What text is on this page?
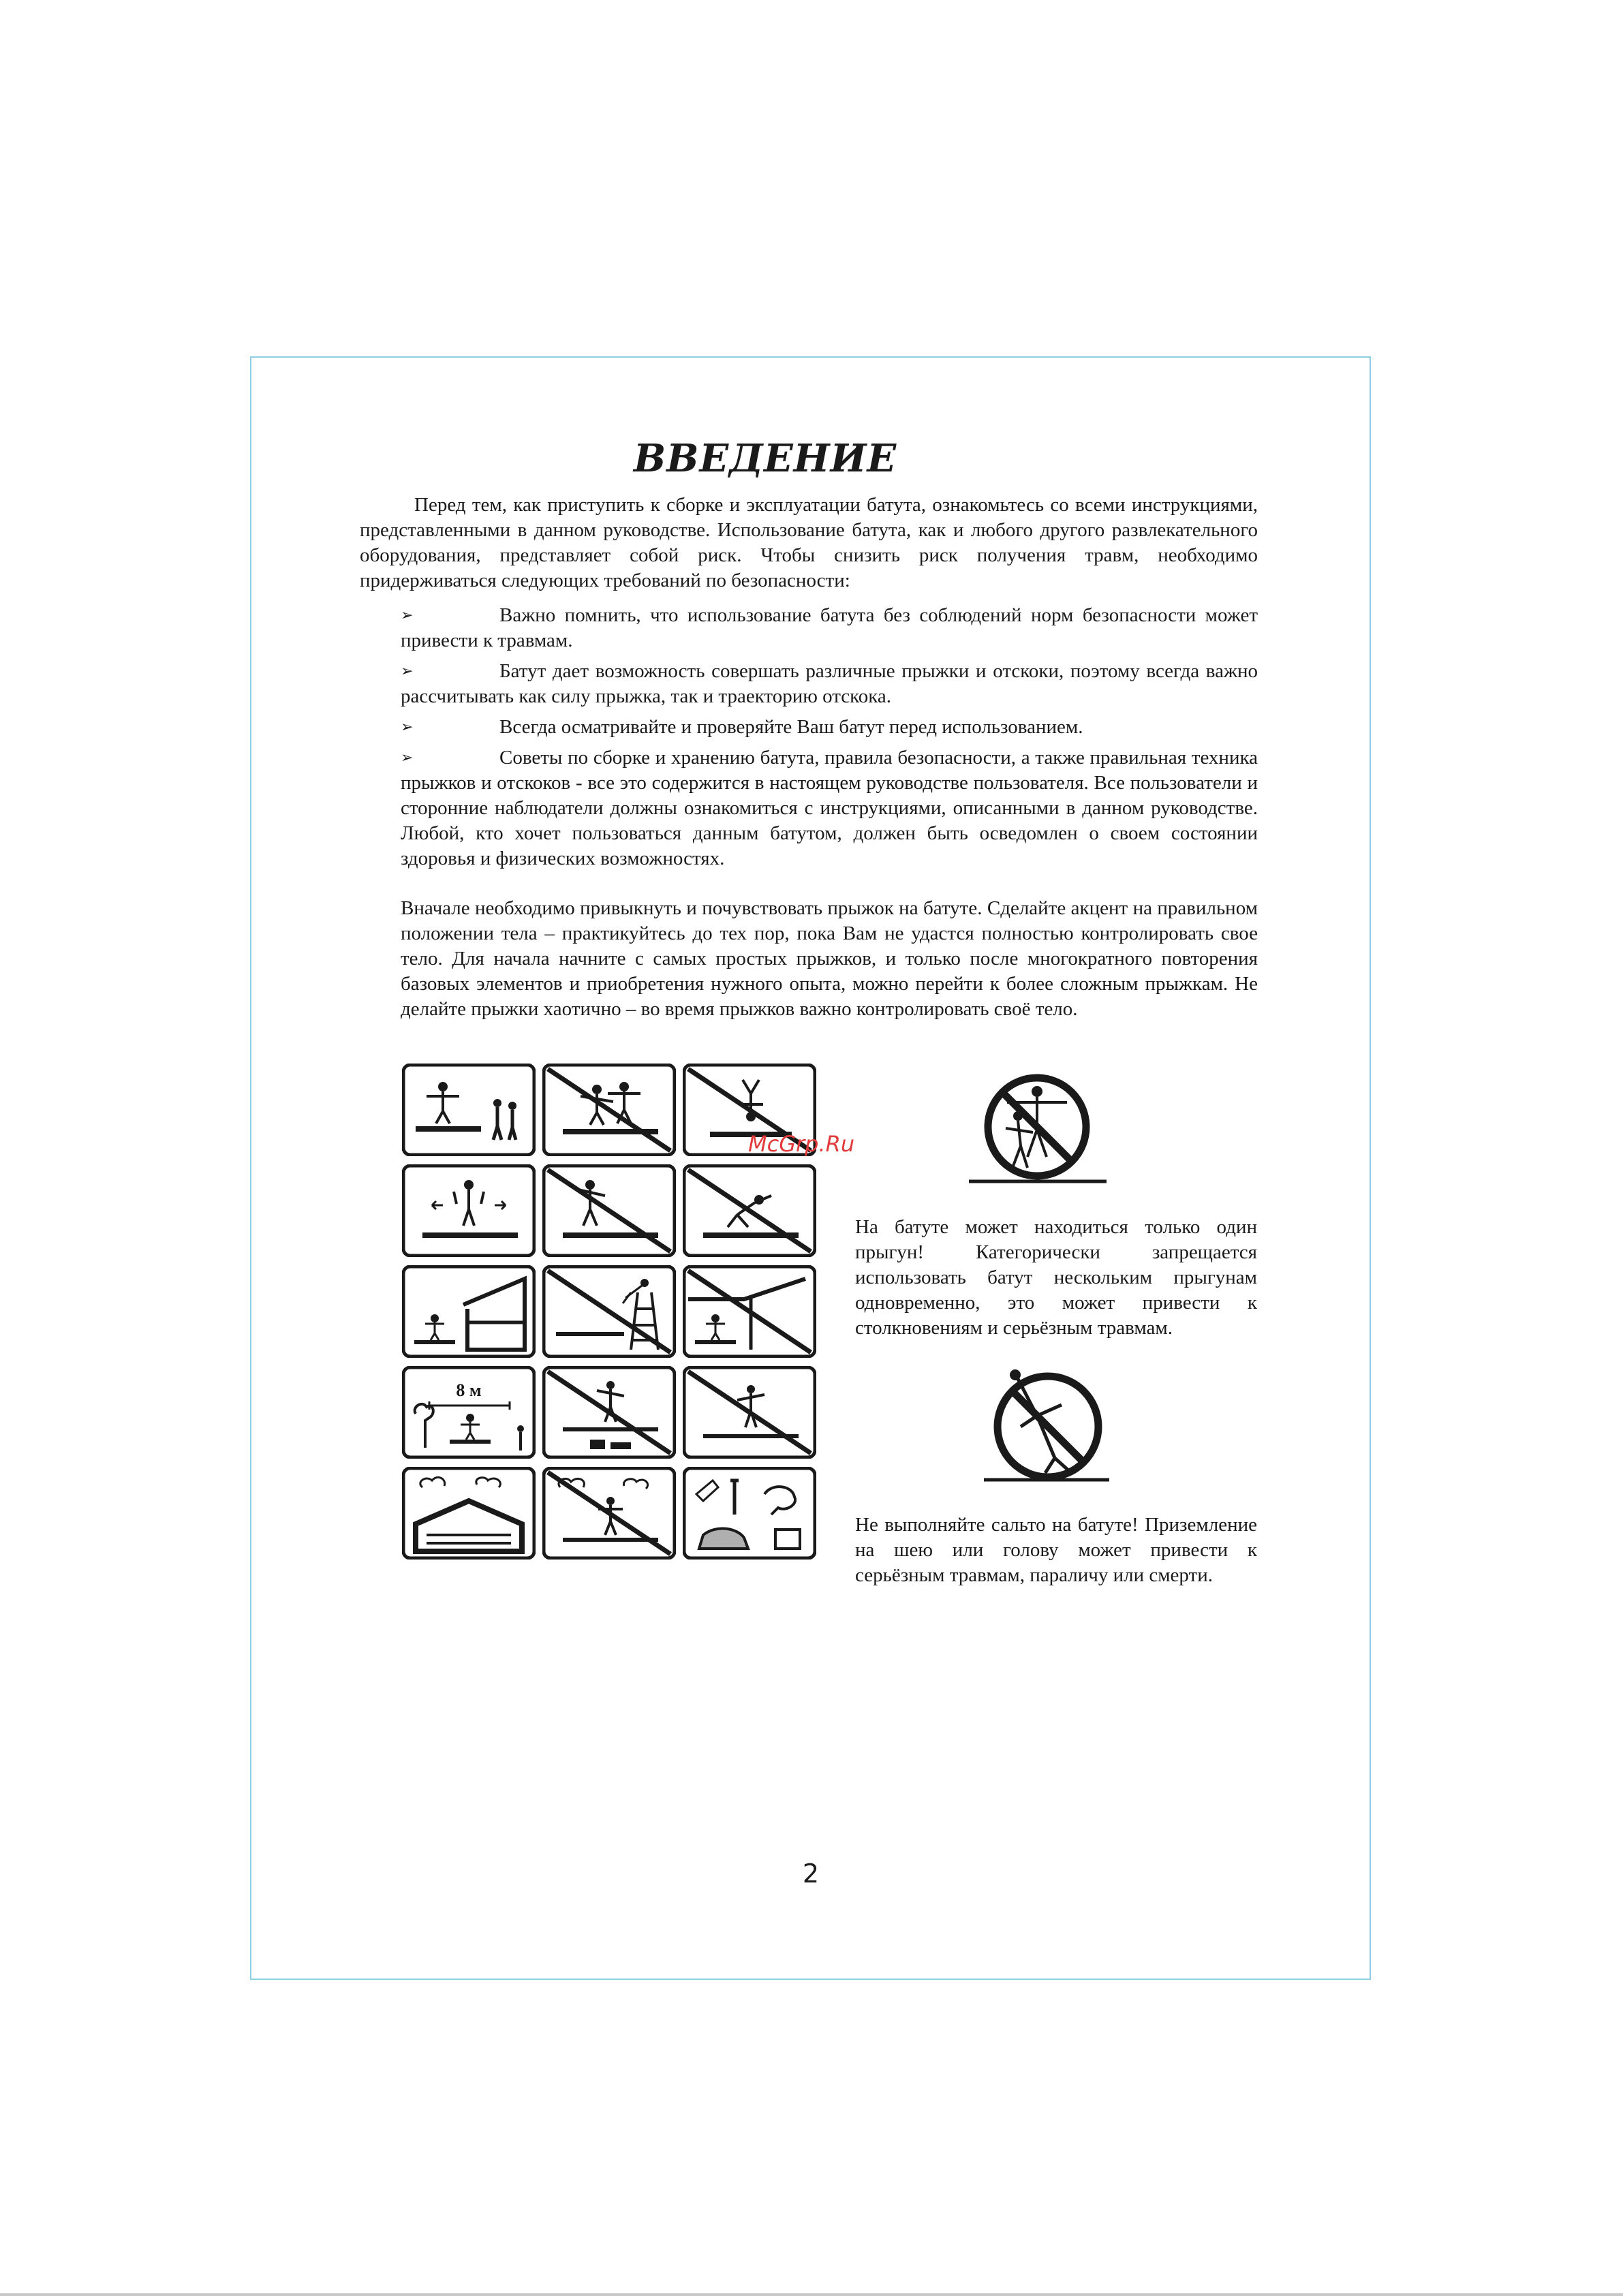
ВВЕДЕНИЕ

Перед тем, как приступить к сборке и эксплуатации батута, ознакомьтесь со всеми инструкциями, представленными в данном руководстве. Использование батута, как и любого другого развлекательного оборудования, представляет собой риск. Чтобы снизить риск получения травм, необходимо придерживаться следующих требований по безопасности:

➢	Важно помнить, что использование батута без соблюдений норм безопасности может привести к травмам.
➢	Батут дает возможность совершать различные прыжки и отскоки, поэтому всегда важно рассчитывать как силу прыжка, так и траекторию отскока.
➢	Всегда осматривайте и проверяйте Ваш батут перед использованием.
➢	Советы по сборке и хранению батута, правила безопасности, а также правильная техника прыжков и отскоков - все это содержится в настоящем руководстве пользователя. Все пользователи и сторонние наблюдатели должны ознакомиться с инструкциями, описанными в данном руководстве. Любой, кто хочет пользоваться данным батутом, должен быть осведомлен о своем состоянии здоровья и физических возможностях.

Вначале необходимо привыкнуть и почувствовать прыжок на батуте. Сделайте акцент на правильном положении тела – практикуйтесь до тех пор, пока Вам не удастся полностью контролировать свое тело. Для начала начните с самых простых прыжков, и только после многократного повторения базовых элементов и приобретения нужного опыта, можно перейти к более сложным прыжкам. Не делайте прыжки хаотично – во время прыжков важно контролировать своё тело.

8 м

На батуте может находиться только один прыгун! Категорически запрещается использовать батут нескольким прыгунам одновременно, это может привести к столкновениям и серьёзным травмам.

Не выполняйте сальто на батуте! Приземление на шею или голову может привести к серьёзным травмам, параличу или смерти.

McGrp.Ru
2
